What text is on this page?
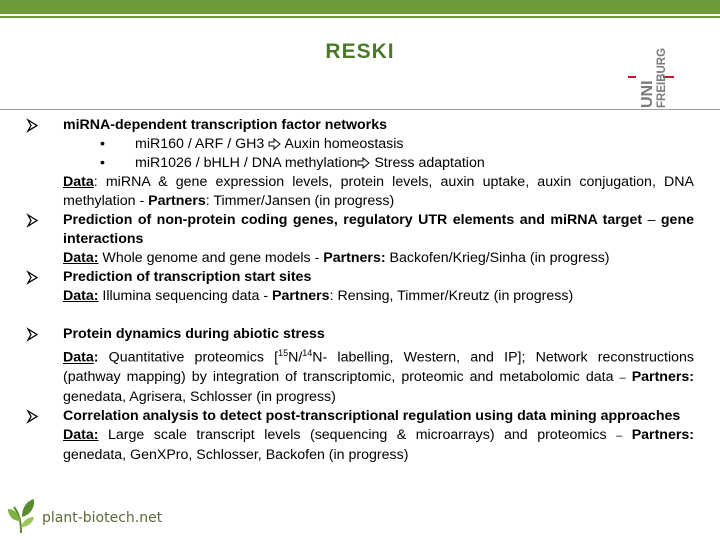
RESKI
UNI FREIBURG
miRNA-dependent transcription factor networks
• miR160 / ARF / GH3  Auxin homeostasis
• miR1026 / bHLH / DNA methylation Stress adaptation
Data: miRNA & gene expression levels, protein levels, auxin uptake, auxin conjugation, DNA methylation - Partners: Timmer/Jansen (in progress)
Prediction of non-protein coding genes, regulatory UTR elements and miRNA target – gene interactions
Data: Whole genome and gene models - Partners: Backofen/Krieg/Sinha (in progress)
Prediction of transcription start sites
Data: Illumina sequencing data - Partners: Rensing, Timmer/Kreutz (in progress)
Protein dynamics during abiotic stress
Data: Quantitative proteomics [$^{15}$N/$^{14}$N- labelling, Western, and IP]; Network reconstructions (pathway mapping) by integration of transcriptomic, proteomic and metabolomic data – Partners: genedata, Agrisera, Schlosser (in progress)
Correlation analysis to detect post-transcriptional regulation using data mining approaches
Data: Large scale transcript levels (sequencing & microarrays) and proteomics – Partners: genedata, GenXPro, Schlosser, Backofen (in progress)
plant-biotech.net
